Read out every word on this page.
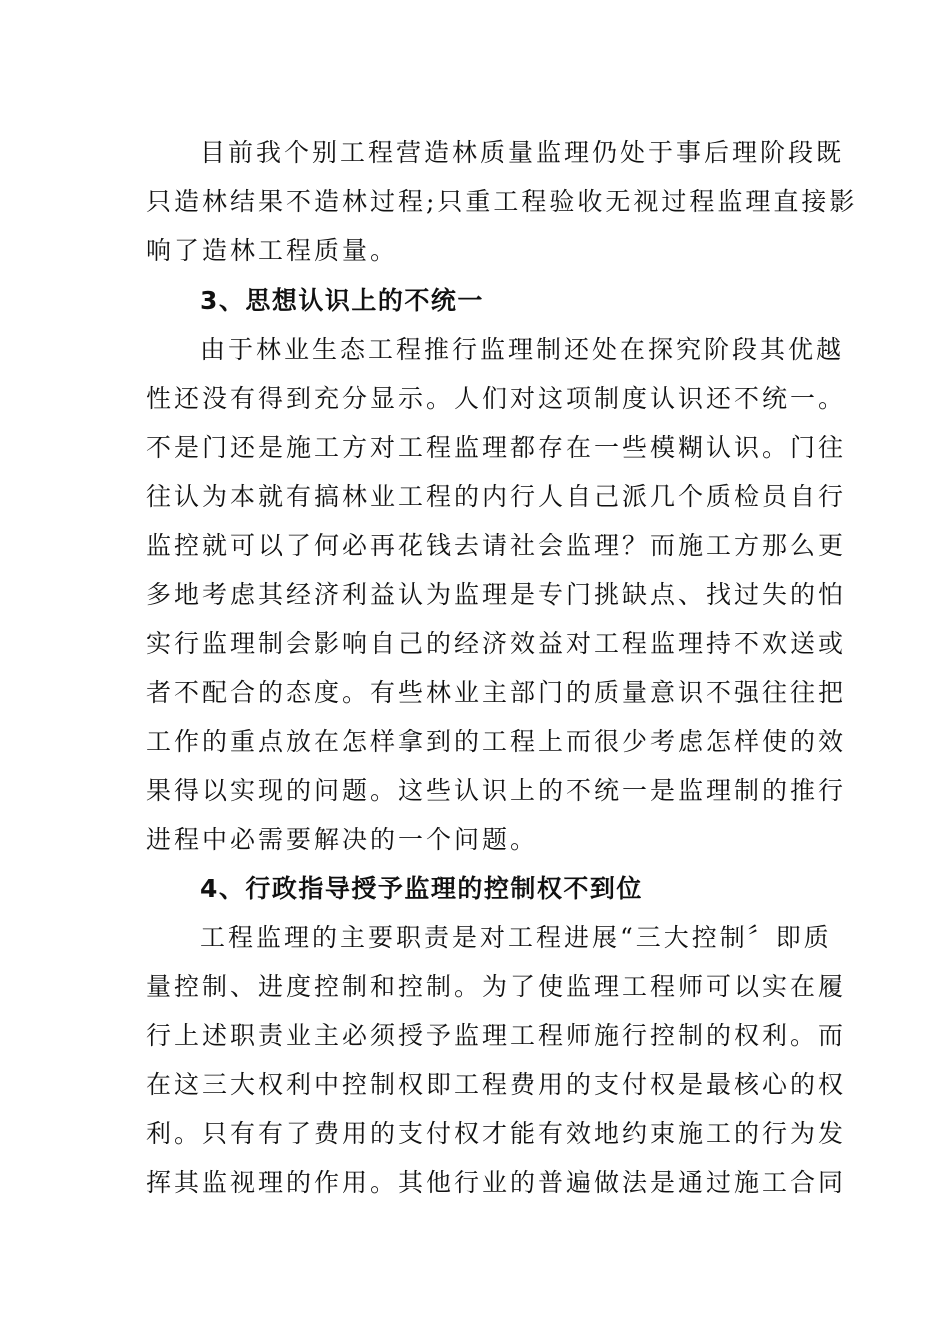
目前我个别工程营造林质量监理仍处于事后理阶段既
只造林结果不造林过程;只重工程验收无视过程监理直接影
响了造林工程质量。
3、思想认识上的不统一
由于林业生态工程推行监理制还处在探究阶段其优越
性还没有得到充分显示。人们对这项制度认识还不统一。
不是门还是施工方对工程监理都存在一些模糊认识。门往
往认为本就有搞林业工程的内行人自己派几个质检员自行
监控就可以了何必再花钱去请社会监理？而施工方那么更
多地考虑其经济利益认为监理是专门挑缺点、找过失的怕
实行监理制会影响自己的经济效益对工程监理持不欢送或
者不配合的态度。有些林业主部门的质量意识不强往往把
工作的重点放在怎样拿到的工程上而很少考虑怎样使的效
果得以实现的问题。这些认识上的不统一是监理制的推行
进程中必需要解决的一个问题。
4、行政指导授予监理的控制权不到位
工程监理的主要职责是对工程进展“三大控制〞即质
量控制、进度控制和控制。为了使监理工程师可以实在履
行上述职责业主必须授予监理工程师施行控制的权利。而
在这三大权利中控制权即工程费用的支付权是最核心的权
利。只有有了费用的支付权才能有效地约束施工的行为发
挥其监视理的作用。其他行业的普遍做法是通过施工合同
